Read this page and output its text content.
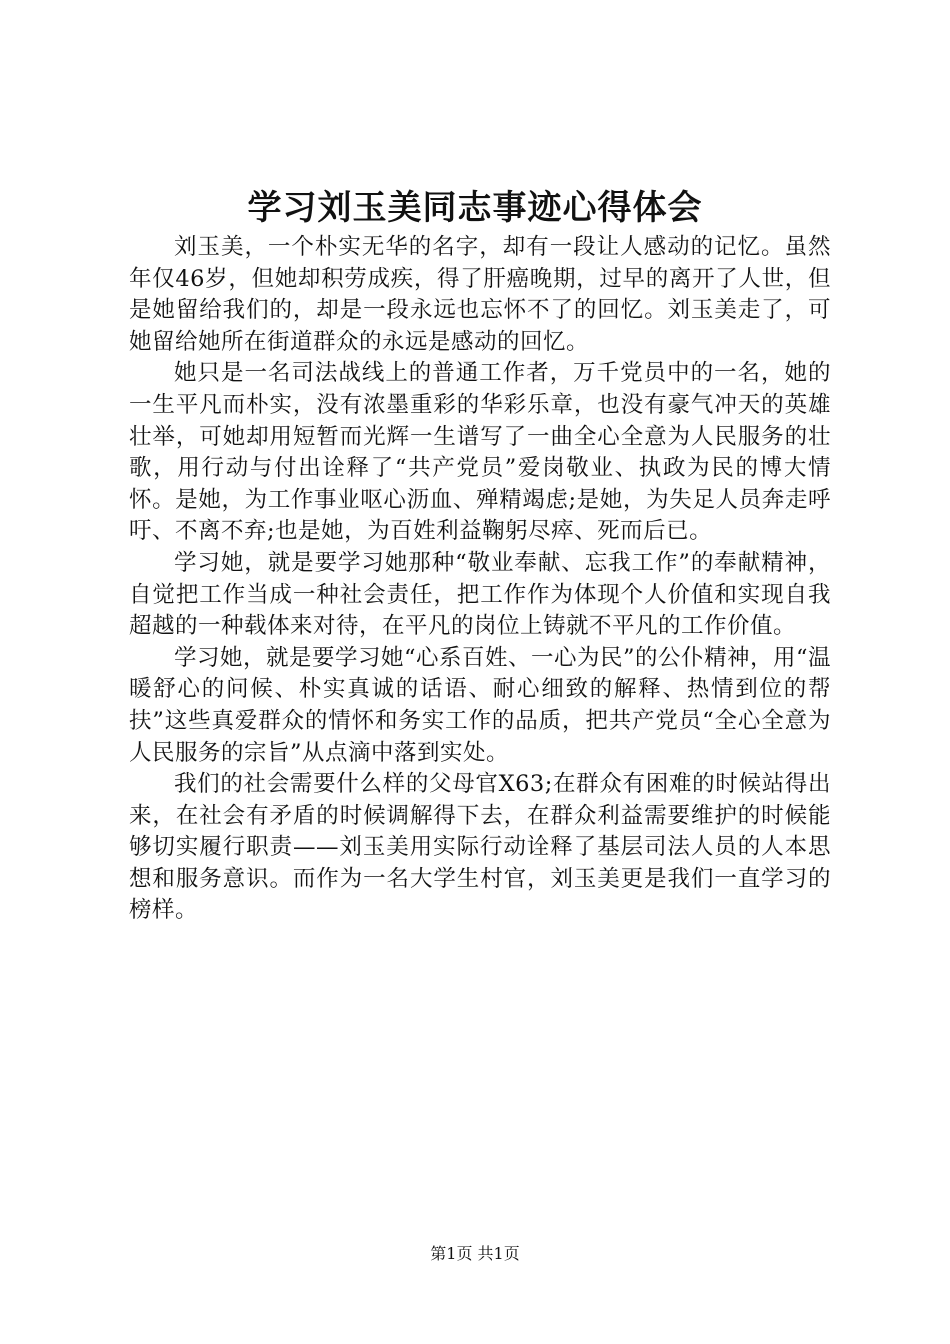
学习刘玉美同志事迹心得体会

刘玉美，一个朴实无华的名字，却有一段让人感动的记忆。虽然年仅46岁，但她却积劳成疾，得了肝癌晚期，过早的离开了人世，但是她留给我们的，却是一段永远也忘怀不了的回忆。刘玉美走了，可她留给她所在街道群众的永远是感动的回忆。

她只是一名司法战线上的普通工作者，万千党员中的一名，她的一生平凡而朴实，没有浓墨重彩的华彩乐章，也没有豪气冲天的英雄壮举，可她却用短暂而光辉一生谱写了一曲全心全意为人民服务的壮歌，用行动与付出诠释了“共产党员”爱岗敬业、执政为民的博大情怀。是她，为工作事业呕心沥血、殚精竭虑;是她，为失足人员奔走呼吁、不离不弃;也是她，为百姓利益鞠躬尽瘁、死而后已。

学习她，就是要学习她那种“敬业奉献、忘我工作”的奉献精神，自觉把工作当成一种社会责任，把工作作为体现个人价值和实现自我超越的一种载体来对待，在平凡的岗位上铸就不平凡的工作价值。

学习她，就是要学习她“心系百姓、一心为民”的公仆精神，用“温暖舒心的问候、朴实真诚的话语、耐心细致的解释、热情到位的帮扶”这些真爱群众的情怀和务实工作的品质，把共产党员“全心全意为人民服务的宗旨”从点滴中落到实处。

我们的社会需要什么样的父母官X63;在群众有困难的时候站得出来，在社会有矛盾的时候调解得下去，在群众利益需要维护的时候能够切实履行职责——刘玉美用实际行动诠释了基层司法人员的人本思想和服务意识。而作为一名大学生村官，刘玉美更是我们一直学习的榜样。

第1页 共1页
